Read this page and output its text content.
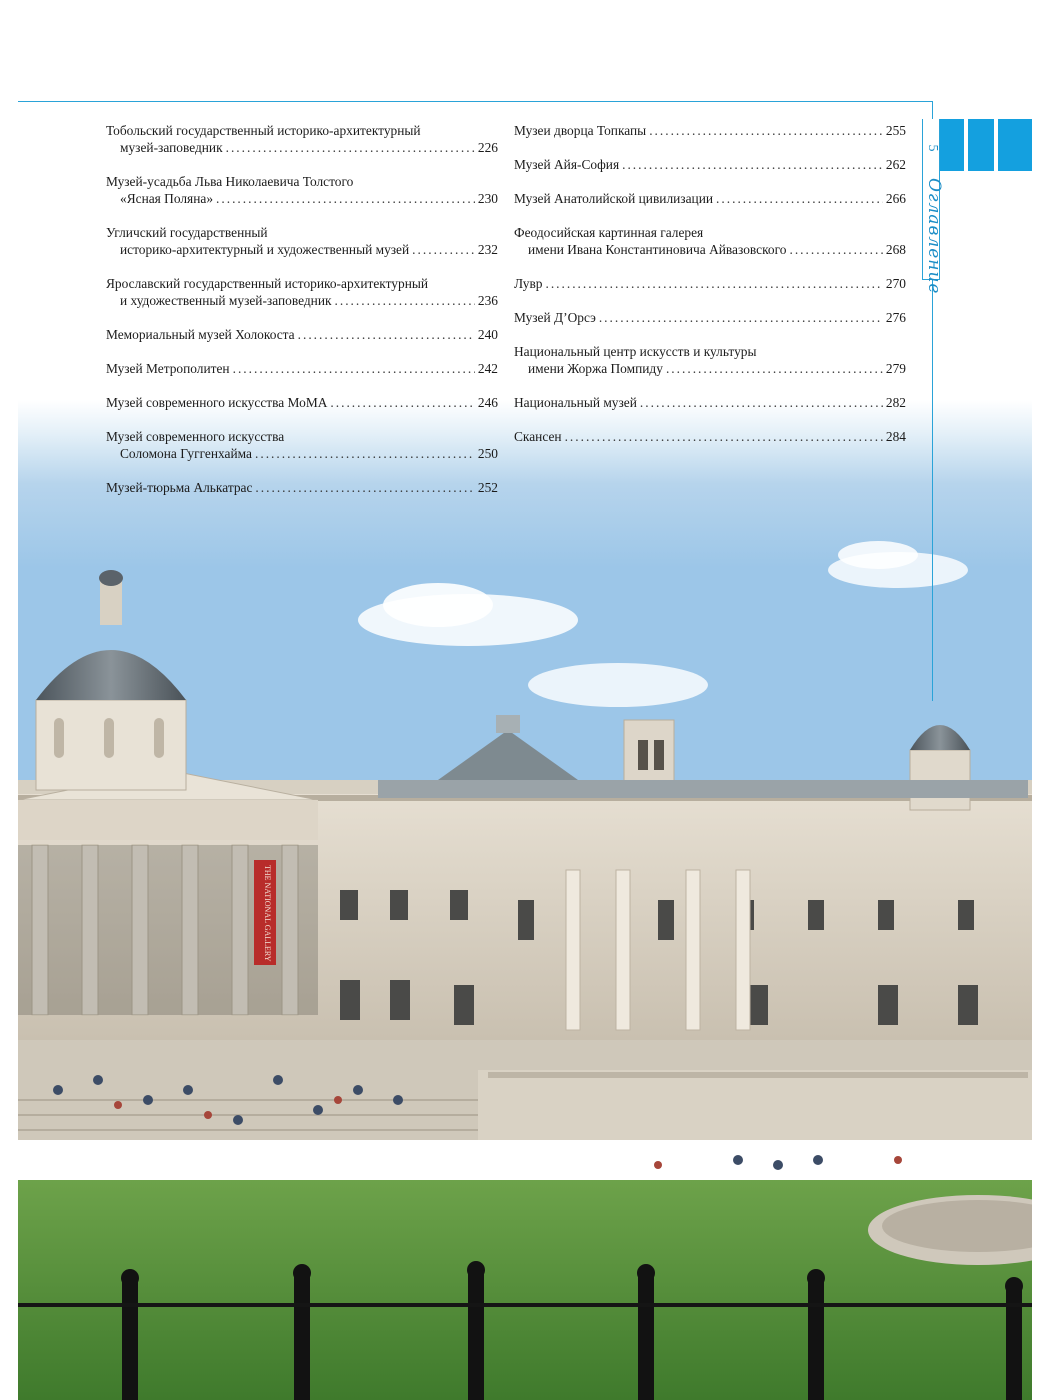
THE NATIONAL GALLERY
5
Оглавление
Тобольский государственный историко-архитектурный
музей-заповедник .....	226
Музей-усадьба Льва Николаевича Толстого
«Ясная Поляна» .....	230
Угличский государственный
историко-архитектурный и художественный музей .....	232
Ярославский государственный историко-архитектурный
и художественный музей-заповедник .....	236
Мемориальный музей Холокоста .....	240
Музей Метрополитен .....	242
Музей современного искусства МоМА .....	246
Музей современного искусства
Соломона Гуггенхайма .....	250
Музей-тюрьма Алькатрас .....	252
Музеи дворца Топкапы .....	255
Музей Айя-София .....	262
Музей Анатолийской цивилизации .....	266
Феодосийская картинная галерея
имени Ивана Константиновича Айвазовского .....	268
Лувр .....	270
Музей Д’Орсэ .....	276
Национальный центр искусств и культуры
имени Жоржа Помпиду .....	279
Национальный музей .....	282
Скансен .....	284
